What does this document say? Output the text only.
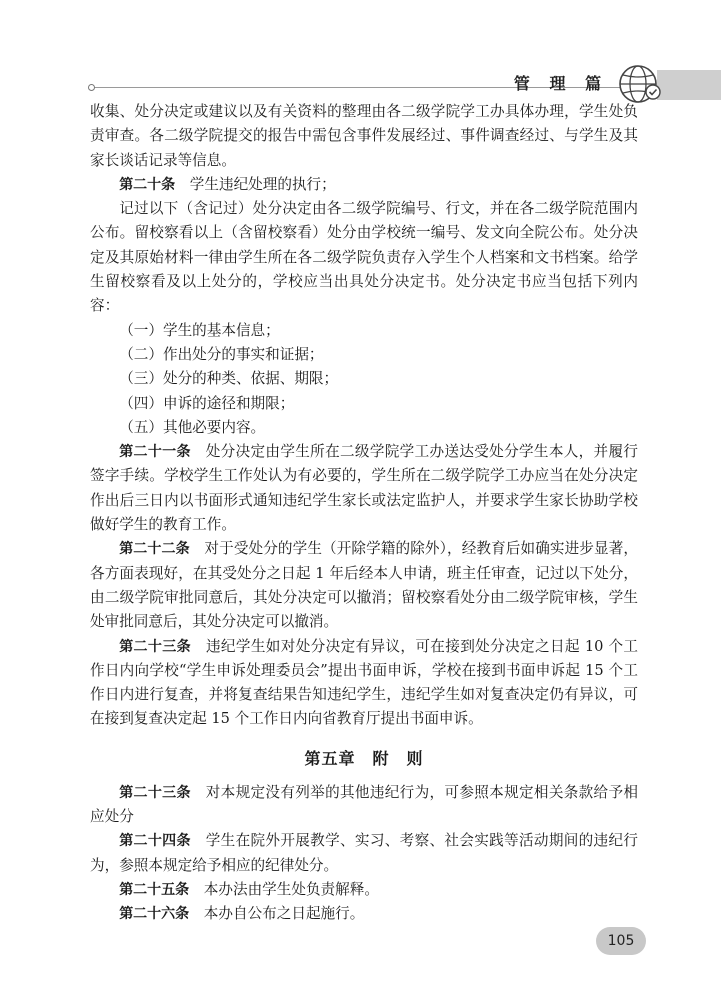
管 理 篇

收集、处分决定或建议以及有关资料的整理由各二级学院学工办具体办理，学生处负责审查。各二级学院提交的报告中需包含事件发展经过、事件调查经过、与学生及其家长谈话记录等信息。

第二十条　 学生违纪处理的执行；

记过以下（含记过）处分决定由各二级学院编号、行文，并在各二级学院范围内公布。留校察看以上（含留校察看）处分由学校统一编号、发文向全院公布。处分决定及其原始材料一律由学生所在各二级学院负责存入学生个人档案和文书档案。给学生留校察看及以上处分的，学校应当出具处分决定书。处分决定书应当包括下列内容：

（一）学生的基本信息；

（二）作出处分的事实和证据；

（三）处分的种类、依据、期限；

（四）申诉的途径和期限；

（五）其他必要内容。

第二十一条　 处分决定由学生所在二级学院学工办送达受处分学生本人，并履行签字手续。学校学生工作处认为有必要的，学生所在二级学院学工办应当在处分决定作出后三日内以书面形式通知违纪学生家长或法定监护人，并要求学生家长协助学校做好学生的教育工作。

第二十二条　 对于受处分的学生（开除学籍的除外），经教育后如确实进步显著，各方面表现好，在其受处分之日起 1 年后经本人申请，班主任审查，记过以下处分，由二级学院审批同意后，其处分决定可以撤消；留校察看处分由二级学院审核，学生处审批同意后，其处分决定可以撤消。

第二十三条　 违纪学生如对处分决定有异议，可在接到处分决定之日起 10 个工作日内向学校“学生申诉处理委员会”提出书面申诉，学校在接到书面申诉起 15 个工作日内进行复查，并将复查结果告知违纪学生，违纪学生如对复查决定仍有异议，可在接到复查决定起 15 个工作日内向省教育厅提出书面申诉。

第五章　附　则

第二十三条　 对本规定没有列举的其他违纪行为，可参照本规定相关条款给予相应处分

第二十四条　 学生在院外开展教学、实习、考察、社会实践等活动期间的违纪行为，参照本规定给予相应的纪律处分。

第二十五条　 本办法由学生处负责解释。

第二十六条　 本办自公布之日起施行。

105
